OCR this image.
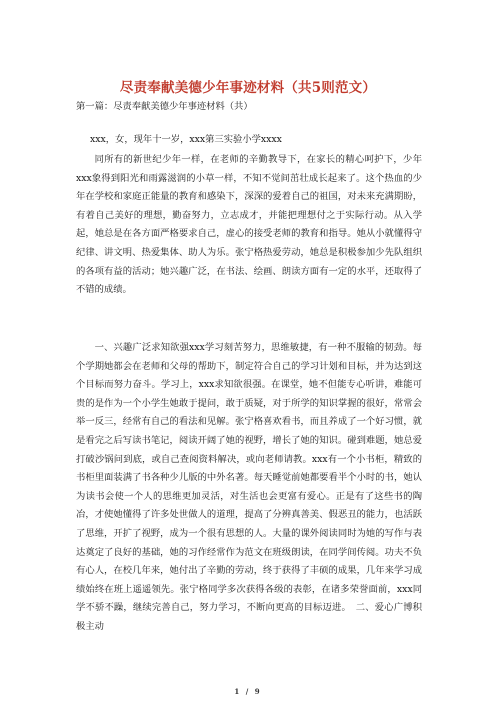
尽责奉献美德少年事迹材料（共5则范文）

第一篇：尽责奉献美德少年事迹材料（共）

xxx，女，现年十一岁，xxx第三实验小学xxxx

同所有的新世纪少年一样，在老师的辛勤教导下，在家长的精心呵护下，少年xxx象得到阳光和雨露滋润的小草一样，不知不觉间茁壮成长起来了。这个热血的少年在学校和家庭正能量的教育和感染下，深深的爱着自己的祖国，对未来充满期盼，有着自己美好的理想，勤奋努力，立志成才，并能把理想付之于实际行动。从入学起，她总是在各方面严格要求自己，虚心的接受老师的教育和指导。她从小就懂得守纪律、讲文明、热爱集体、助人为乐。张宁格热爱劳动，她总是积极参加少先队组织的各项有益的活动；她兴趣广泛，在书法、绘画、朗读方面有一定的水平，还取得了不错的成绩。

一、兴趣广泛求知欲强xxx学习刻苦努力，思维敏捷，有一种不服输的韧劲。每个学期她都会在老师和父母的帮助下，制定符合自己的学习计划和目标，并为达到这个目标而努力奋斗。学习上，xxx求知欲很强。在课堂，她不但能专心听讲，难能可贵的是作为一个小学生她敢于提问，敢于质疑，对于所学的知识掌握的很好，常常会举一反三，经常有自己的看法和见解。张宁格喜欢看书，而且养成了一个好习惯，就是看完之后写读书笔记，阅读开阔了她的视野，增长了她的知识。碰到难题，她总爱打破沙锅问到底，或自己查阅资料解决，或向老师请教。xxx有一个小书柜，精致的书柜里面装满了书各种少儿版的中外名著。每天睡觉前她都要看半个小时的书，她认为读书会使一个人的思维更加灵活，对生活也会更富有爱心。正是有了这些书的陶冶，才使她懂得了许多处世做人的道理，提高了分辨真善美、假恶丑的能力，也活跃了思维，开扩了视野，成为一个很有思想的人。大量的课外阅读同时为她的写作与表达奠定了良好的基础，她的习作经常作为范文在班级朗读，在同学间传阅。功夫不负有心人，在校几年来，她付出了辛勤的劳动，终于获得了丰硕的成果，几年来学习成绩始终在班上遥遥领先。张宁格同学多次获得各级的表彰，在诸多荣誉面前，xxx同学不骄不躁，继续完善自己，努力学习，不断向更高的目标迈进。　二、爱心广博积极主动

1 / 9
